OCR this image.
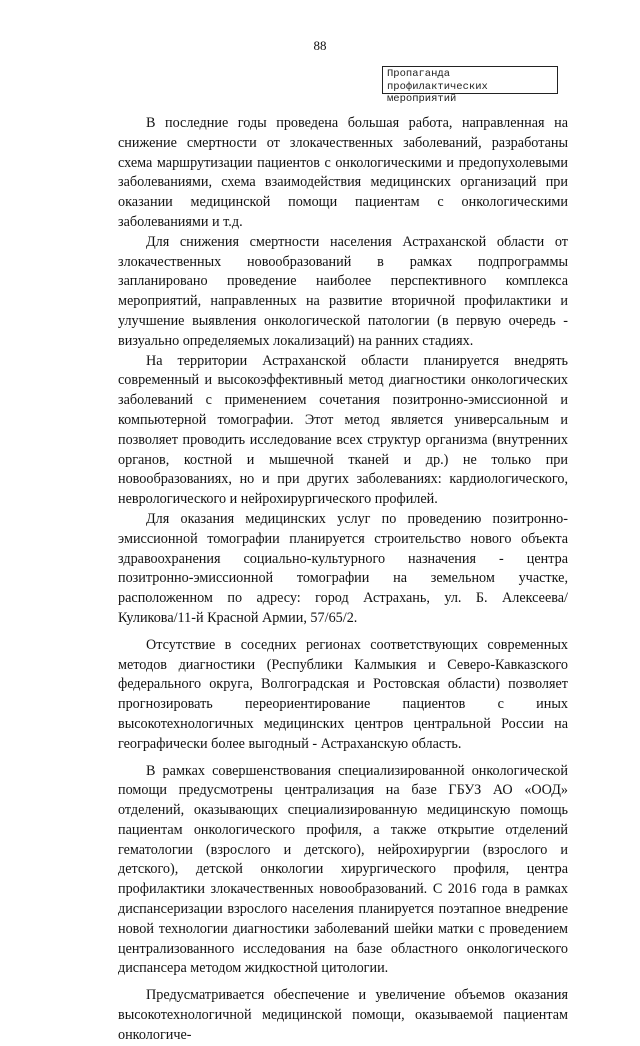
88
Пропаганда профилактических мероприятий

В последние годы проведена большая работа, направленная на снижение смертности от злокачественных заболеваний, разработаны схема маршрутизации пациентов с онкологическими и предопухолевыми заболеваниями, схема взаимодействия медицинских организаций при оказании медицинской помощи пациентам с онкологическими заболеваниями и т.д.

Для снижения смертности населения Астраханской области от злокачественных новообразований в рамках подпрограммы запланировано проведение наиболее перспективного комплекса мероприятий, направленных на развитие вторичной профилактики и улучшение выявления онкологической патологии (в первую очередь - визуально определяемых локализаций) на ранних стадиях.

На территории Астраханской области планируется внедрять современный и высокоэффективный метод диагностики онкологических заболеваний с применением сочетания позитронно-эмиссионной и компьютерной томографии. Этот метод является универсальным и позволяет проводить исследование всех структур организма (внутренних органов, костной и мышечной тканей и др.) не только при новообразованиях, но и при других заболеваниях: кардиологического, неврологического и нейрохирургического профилей.

Для оказания медицинских услуг по проведению позитронно-эмиссионной томографии планируется строительство нового объекта здравоохранения социально-культурного назначения - центра позитронно-эмиссионной томографии на земельном участке, расположенном по адресу: город Астрахань, ул. Б. Алексеева/Куликова/11-й Красной Армии, 57/65/2.

Отсутствие в соседних регионах соответствующих современных методов диагностики (Республики Калмыкия и Северо-Кавказского федерального округа, Волгоградская и Ростовская области) позволяет прогнозировать переориентирование пациентов с иных высокотехнологичных медицинских центров центральной России на географически более выгодный - Астраханскую область.

В рамках совершенствования специализированной онкологической помощи предусмотрены централизация на базе ГБУЗ АО «ООД» отделений, оказывающих специализированную медицинскую помощь пациентам онкологического профиля, а также открытие отделений гематологии (взрослого и детского), нейрохирургии (взрослого и детского), детской онкологии хирургического профиля, центра профилактики злокачественных новообразований. С 2016 года в рамках диспансеризации взрослого населения планируется поэтапное внедрение новой технологии диагностики заболеваний шейки матки с проведением централизованного исследования на базе областного онкологического диспансера методом жидкостной цитологии.

Предусматривается обеспечение и увеличение объемов оказания высокотехнологичной медицинской помощи, оказываемой пациентам онкологиче-
